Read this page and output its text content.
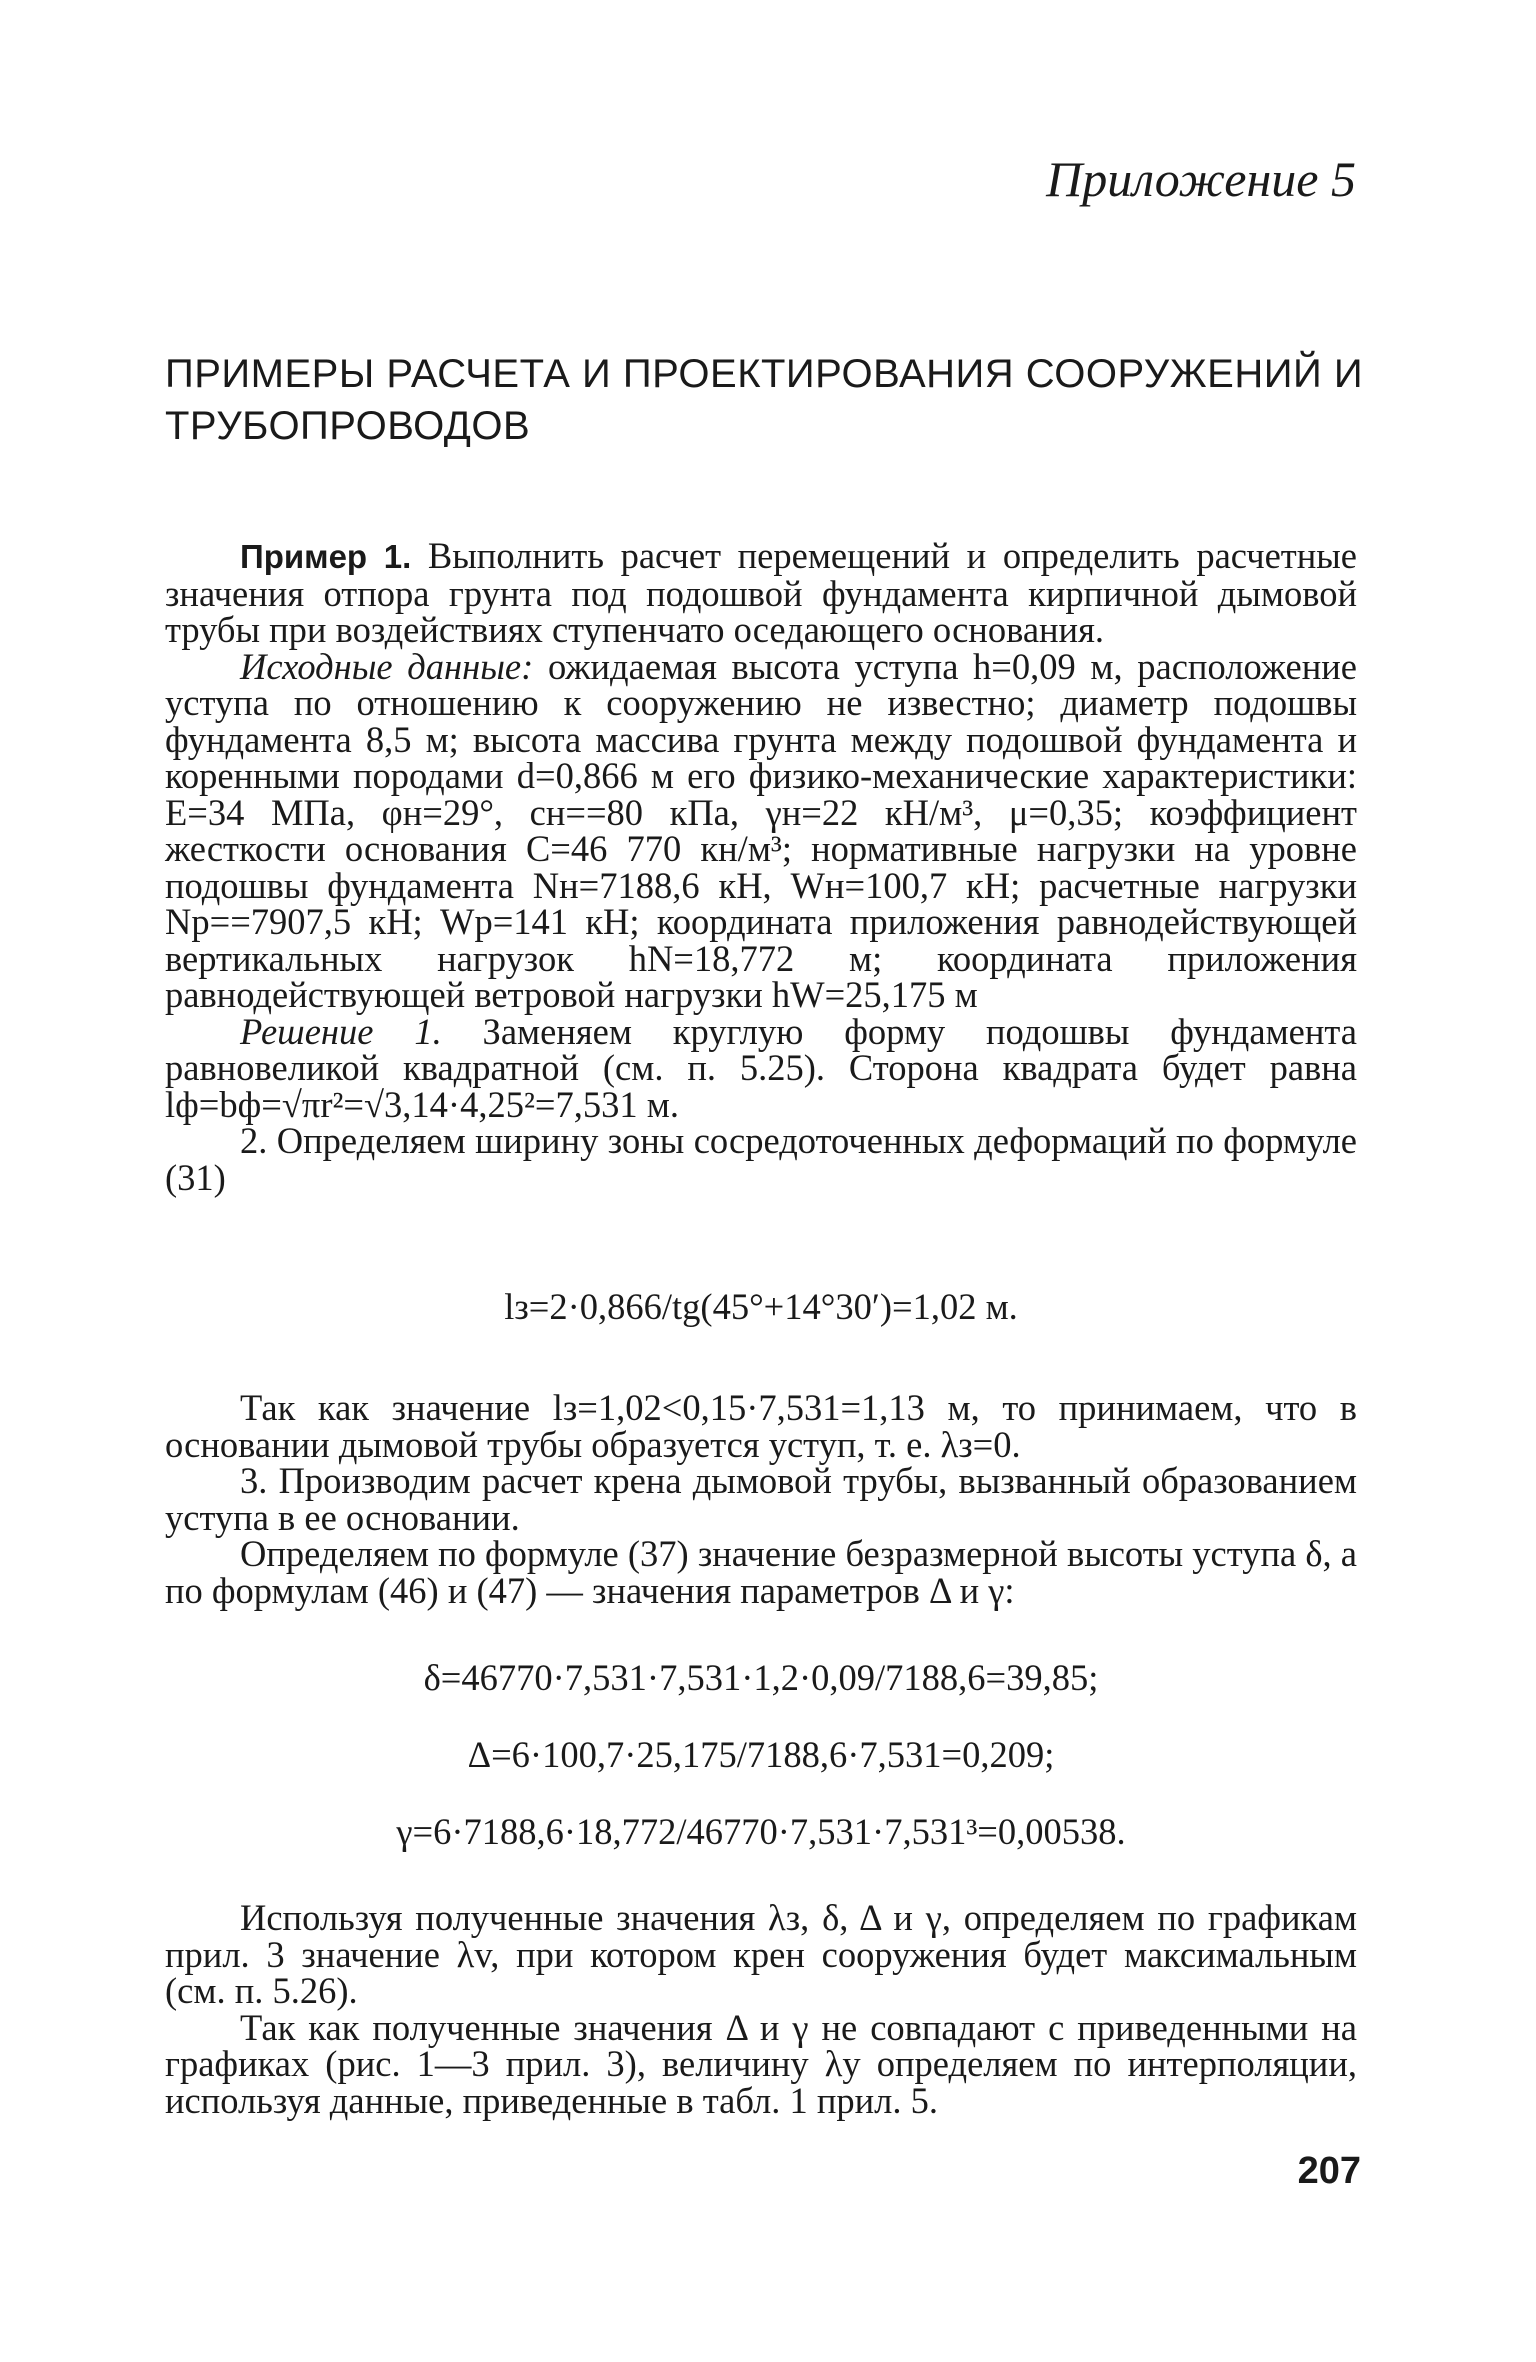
Приложение 5
ПРИМЕРЫ РАСЧЕТА И ПРОЕКТИРОВАНИЯ СООРУЖЕНИЙ И ТРУБОПРОВОДОВ

Пример 1. Выполнить расчет перемещений и определить расчетные значения отпора грунта под подошвой фундамента кирпичной дымовой трубы при воздействиях ступенчато оседающего основания.

Исходные данные: ожидаемая высота уступа h=0,09 м, расположение уступа по отношению к сооружению не известно; диаметр подошвы фундамента 8,5 м; высота массива грунта между подошвой фундамента и коренными породами d=0,866 м его физико-механические характеристики: E=34 МПа, φн=29°, cн==80 кПа, γн=22 кН/м³, μ=0,35; коэффициент жесткости основания C=46 770 кн/м³; нормативные нагрузки на уровне подошвы фундамента Nн=7188,6 кН, Wн=100,7 кН; расчетные нагрузки Nр==7907,5 кН; Wр=141 кН; координата приложения равнодействующей вертикальных нагрузок hN=18,772 м; координата приложения равнодействующей ветровой нагрузки hW=25,175 м

Решение 1. Заменяем круглую форму подошвы фундамента равновеликой квадратной (см. п. 5.25). Сторона квадрата будет равна lф=bф=√πr²=√3,14·4,25²=7,531 м.

2. Определяем ширину зоны сосредоточенных деформаций по формуле (31)

lз=2·0,866/tg(45°+14°30′)=1,02 м.

Так как значение lз=1,02<0,15·7,531=1,13 м, то принимаем, что в основании дымовой трубы образуется уступ, т. е. λз=0.

3. Производим расчет крена дымовой трубы, вызванный образованием уступа в ее основании.

Определяем по формуле (37) значение безразмерной высоты уступа δ, а по формулам (46) и (47) — значения параметров Δ и γ:

δ=46770·7,531·7,531·1,2·0,09/7188,6=39,85;
Δ=6·100,7·25,175/7188,6·7,531=0,209;
γ=6·7188,6·18,772/46770·7,531·7,531³=0,00538.

Используя полученные значения λз, δ, Δ и γ, определяем по графикам прил. 3 значение λv, при котором крен сооружения будет максимальным (см. п. 5.26).

Так как полученные значения Δ и γ не совпадают с приведенными на графиках (рис. 1—3 прил. 3), величину λy определяем по интерполяции, используя данные, приведенные в табл. 1 прил. 5.

207
